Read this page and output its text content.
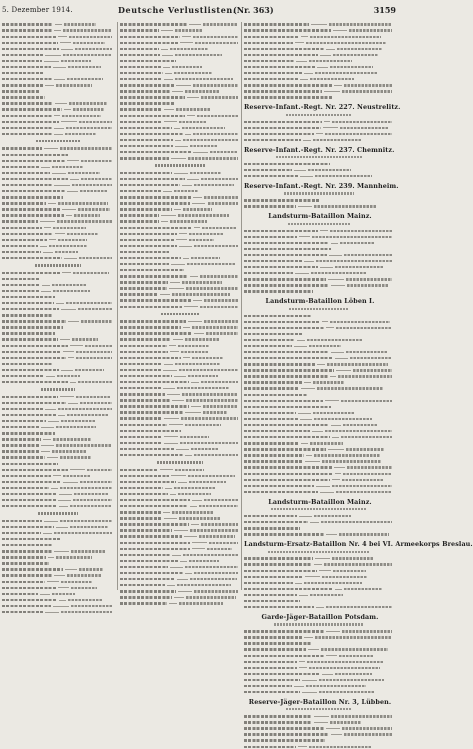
5. Dezember 1914.	Deutsche Verlustlisten.
(Nr. 363)	3159
Reserve-Infant.-Regt. Nr. 227. Neustrelitz.
Reserve-Infant.-Regt. Nr. 237. Chemnitz.
Reserve-Infant.-Regt. Nr. 239. Mannheim.
Landsturm-Bataillon Mainz.
Landsturm-Bataillon Löben I.
Landsturm-Bataillon Mainz.
Landsturm-Ersatz-Bataillon Nr. 4 bei VI. Armeekorps Breslau.
Garde-Jäger-Bataillon Potsdam.
Reserve-Jäger-Bataillon Nr. 3, Lübben.
